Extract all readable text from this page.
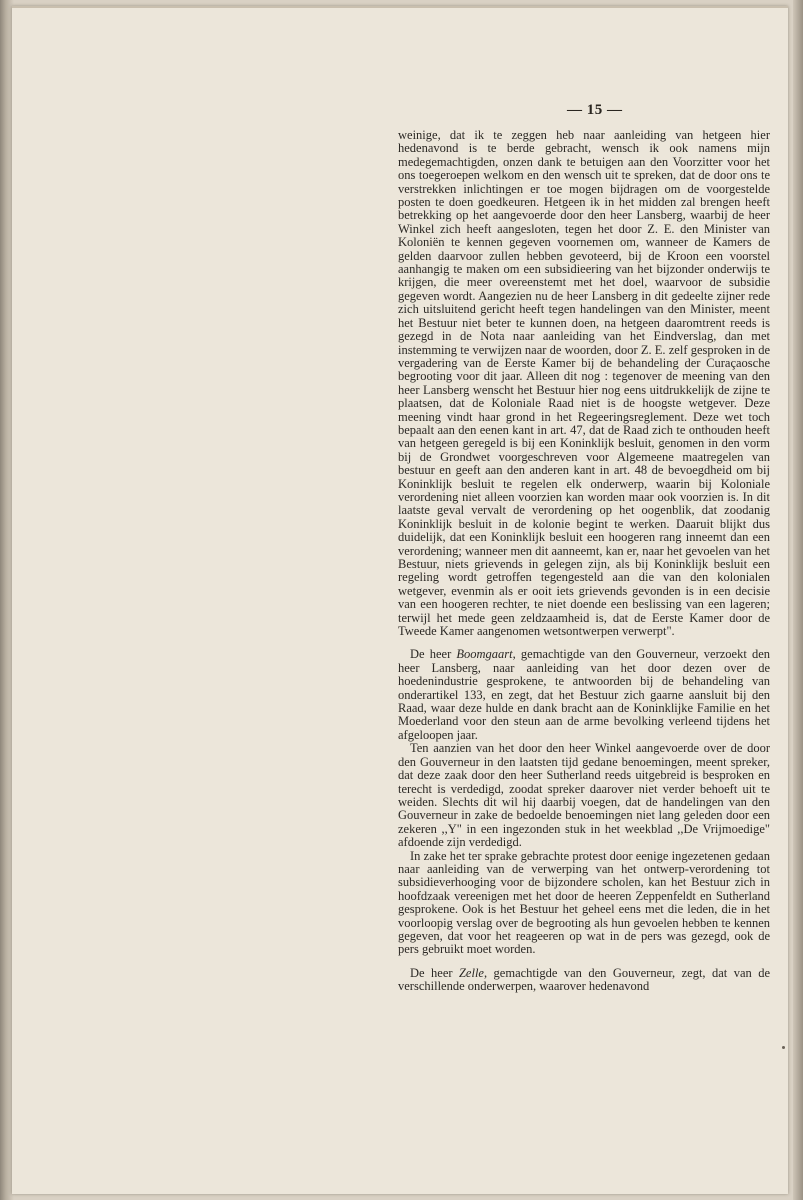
— 15 —

weinige, dat ik te zeggen heb naar aanleiding van hetgeen hier hedenavond is te berde gebracht, wensch ik ook namens mijn medegemachtigden, onzen dank te betuigen aan den Voorzitter voor het ons toegeroepen welkom en den wensch uit te spreken, dat de door ons te verstrekken inlichtingen er toe mogen bijdragen om de voorgestelde posten te doen goedkeuren. Hetgeen ik in het midden zal brengen heeft betrekking op het aangevoerde door den heer Lansberg, waarbij de heer Winkel zich heeft aangesloten, tegen het door Z. E. den Minister van Koloniën te kennen gegeven voornemen om, wanneer de Kamers de gelden daarvoor zullen hebben gevoteerd, bij de Kroon een voorstel aanhangig te maken om een subsidieering van het bijzonder onderwijs te krijgen, die meer overeenstemt met het doel, waarvoor de subsidie gegeven wordt. Aangezien nu de heer Lansberg in dit gedeelte zijner rede zich uitsluitend gericht heeft tegen handelingen van den Minister, meent het Bestuur niet beter te kunnen doen, na hetgeen daaromtrent reeds is gezegd in de Nota naar aanleiding van het Eindverslag, dan met instemming te verwijzen naar de woorden, door Z. E. zelf gesproken in de vergadering van de Eerste Kamer bij de behandeling der Curaçaosche begrooting voor dit jaar. Alleen dit nog : tegenover de meening van den heer Lansberg wenscht het Bestuur hier nog eens uitdrukkelijk de zijne te plaatsen, dat de Koloniale Raad niet is de hoogste wetgever. Deze meening vindt haar grond in het Regeeringsreglement. Deze wet toch bepaalt aan den eenen kant in art. 47, dat de Raad zich te onthouden heeft van hetgeen geregeld is bij een Koninklijk besluit, genomen in den vorm bij de Grondwet voorgeschreven voor Algemeene maatregelen van bestuur en geeft aan den anderen kant in art. 48 de bevoegdheid om bij Koninklijk besluit te regelen elk onderwerp, waarin bij Koloniale verordening niet alleen voorzien kan worden maar ook voorzien is. In dit laatste geval vervalt de verordening op het oogenblik, dat zoodanig Koninklijk besluit in de kolonie begint te werken. Daaruit blijkt dus duidelijk, dat een Koninklijk besluit een hoogeren rang inneemt dan een verordening; wanneer men dit aanneemt, kan er, naar het gevoelen van het Bestuur, niets grievends in gelegen zijn, als bij Koninklijk besluit een regeling wordt getroffen tegengesteld aan die van den kolonialen wetgever, evenmin als er ooit iets grievends gevonden is in een decisie van een hoogeren rechter, te niet doende een beslissing van een lageren; terwijl het mede geen zeldzaamheid is, dat de Eerste Kamer door de Tweede Kamer aangenomen wetsontwerpen verwerpt".

De heer Boomgaart, gemachtigde van den Gouverneur, verzoekt den heer Lansberg, naar aanleiding van het door dezen over de hoedenindustrie gesprokene, te antwoorden bij de behandeling van onderartikel 133, en zegt, dat het Bestuur zich gaarne aansluit bij den Raad, waar deze hulde en dank bracht aan de Koninklijke Familie en het Moederland voor den steun aan de arme bevolking verleend tijdens het afgeloopen jaar.

Ten aanzien van het door den heer Winkel aangevoerde over de door den Gouverneur in den laatsten tijd gedane benoemingen, meent spreker, dat deze zaak door den heer Sutherland reeds uitgebreid is besproken en terecht is verdedigd, zoodat spreker daarover niet verder behoeft uit te weiden. Slechts dit wil hij daarbij voegen, dat de handelingen van den Gouverneur in zake de bedoelde benoemingen niet lang geleden door een zekeren ,,Y" in een ingezonden stuk in het weekblad ,,De Vrijmoedige" afdoende zijn verdedigd.

In zake het ter sprake gebrachte protest door eenige ingezetenen gedaan naar aanleiding van de verwerping van het ontwerp-verordening tot subsidieverhooging voor de bijzondere scholen, kan het Bestuur zich in hoofdzaak vereenigen met het door de heeren Zeppenfeldt en Sutherland gesprokene. Ook is het Bestuur het geheel eens met die leden, die in het voorloopig verslag over de begrooting als hun gevoelen hebben te kennen gegeven, dat voor het reageeren op wat in de pers was gezegd, ook de pers gebruikt moet worden.

De heer Zelle, gemachtigde van den Gouverneur, zegt, dat van de verschillende onderwerpen, waarover hedenavond
